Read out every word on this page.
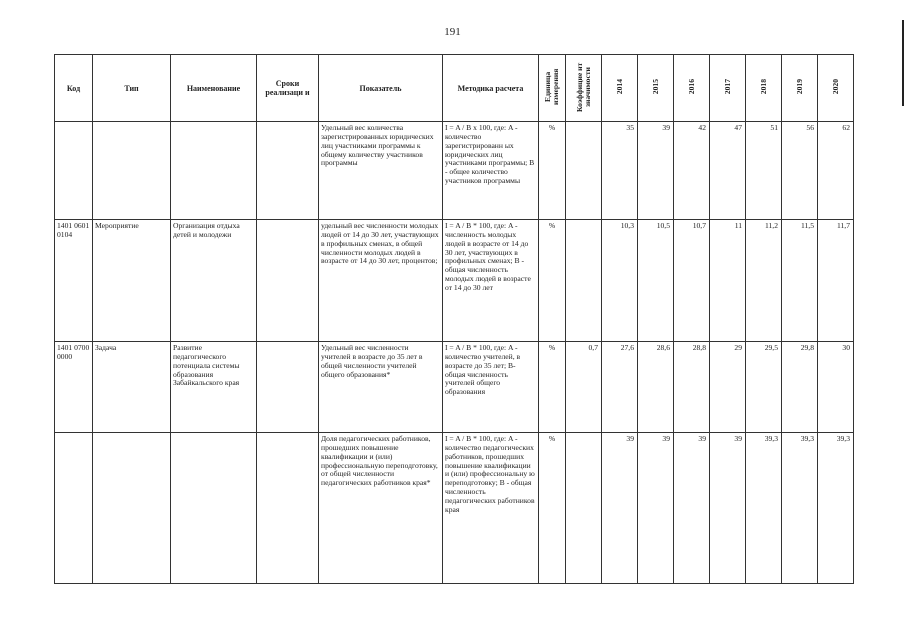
191
Код	Тип	Наименование	Сроки реализаци и	Показатель	Методика расчета	Единица измерения	Коэффицие нт значимости	2014	2015	2016	2017	2018	2019	2020
				Удельный вес количества зарегистрированных юридических лиц участниками программы к общему количеству участников программы	I = A / B х 100, где: A - количество зарегистрированн ых юридических лиц участниками программы; B - общее количество участников программы	%		35	39	42	47	51	56	62
1401 0601 0104	Мероприятие	Организация отдыха детей и молодежи		удельный вес численности молодых людей от 14 до 30 лет, участвующих в профильных сменах, в общей численности молодых людей в возрасте от 14 до 30 лет, процентов;	I = A / B * 100, где: A - численность молодых людей в возрасте от 14 до 30 лет, участвующих в профильных сменах; B - общая численность молодых людей в возрасте от 14 до 30 лет	%		10,3	10,5	10,7	11	11,2	11,5	11,7
1401 0700 0000	Задача	Развитие педагогического потенциала системы образования Забайкальского края		Удельный вес численности учителей в возрасте до 35 лет в общей численности учителей общего образования*	I = A / B * 100, где: A - количество учителей, в возрасте до 35 лет; B- общая численность учителей общего образования	%	0,7	27,6	28,6	28,8	29	29,5	29,8	30
				Доля педагогических работников, прошедших повышение квалификации и (или) профессиональную переподготовку, от общей численности педагогических работников края*	I = A / B * 100, где: A - количество педагогических работников, прошедших повышение квалификации и (или) профессиональну ю переподготовку; B - общая численность педагогических работников края	%		39	39	39	39	39,3	39,3	39,3
